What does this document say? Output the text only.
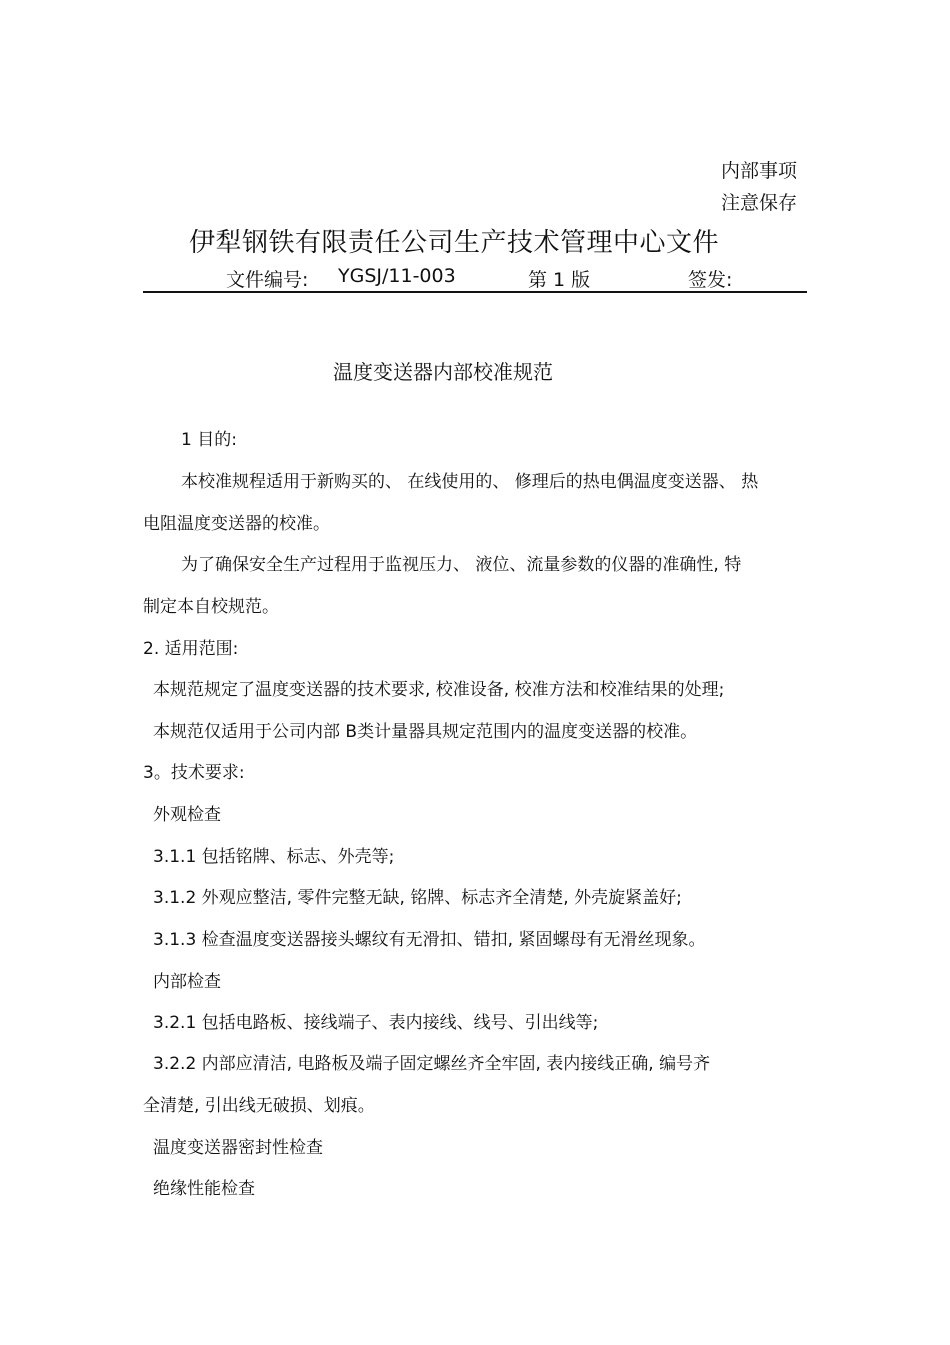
内部事项
注意保存
伊犁钢铁有限责任公司生产技术管理中心文件
文件编号: YGSJ/11-003	第 1 版	签发:
温度变送器内部校准规范
1 目的:
本校准规程适用于新购买的、 在线使用的、 修理后的热电偶温度变送器、 热
电阻温度变送器的校准。
为了确保安全生产过程用于监视压力、 液位、流量参数的仪器的准确性, 特
制定本自校规范。
2. 适用范围:
本规范规定了温度变送器的技术要求, 校准设备, 校准方法和校准结果的处理;
本规范仅适用于公司内部 B类计量器具规定范围内的温度变送器的校准。
3。技术要求:
外观检查
3.1.1 包括铭牌、标志、外壳等;
3.1.2 外观应整洁, 零件完整无缺, 铭牌、标志齐全清楚, 外壳旋紧盖好;
3.1.3 检查温度变送器接头螺纹有无滑扣、错扣, 紧固螺母有无滑丝现象。
内部检查
3.2.1 包括电路板、接线端子、表内接线、线号、引出线等;
3.2.2 内部应清洁, 电路板及端子固定螺丝齐全牢固, 表内接线正确, 编号齐
全清楚, 引出线无破损、划痕。
温度变送器密封性检查
绝缘性能检查
